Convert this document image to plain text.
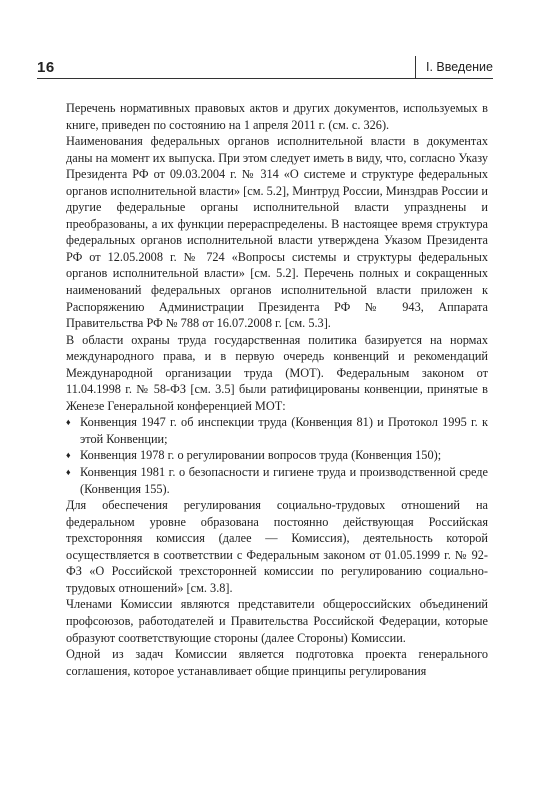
16	I. Введение

Перечень нормативных правовых актов и других документов, используемых в книге, приведен по состоянию на 1 апреля 2011 г. (см. с. 326).

Наименования федеральных органов исполнительной власти в документах даны на момент их выпуска. При этом следует иметь в виду, что, согласно Указу Президента РФ от 09.03.2004 г. № 314 «О системе и структуре федеральных органов исполнительной власти» [см. 5.2], Минтруд России, Минздрав России и другие федеральные органы исполнительной власти упразднены и преобразованы, а их функции перераспределены. В настоящее время структура федеральных органов исполнительной власти утверждена Указом Президента РФ от 12.05.2008 г. № 724 «Вопросы системы и структуры федеральных органов исполнительной власти» [см. 5.2]. Перечень полных и сокращенных наименований федеральных органов исполнительной власти приложен к Распоряжению Администрации Президента РФ № 943, Аппарата Правительства РФ № 788 от 16.07.2008 г. [см. 5.3].

В области охраны труда государственная политика базируется на нормах международного права, и в первую очередь конвенций и рекомендаций Международной организации труда (МОТ). Федеральным законом от 11.04.1998 г. № 58-ФЗ [см. 3.5] были ратифицированы конвенции, принятые в Женезе Генеральной конференцией МОТ:

♦ Конвенция 1947 г. об инспекции труда (Конвенция 81) и Протокол 1995 г. к этой Конвенции;
♦ Конвенция 1978 г. о регулировании вопросов труда (Конвенция 150);
♦ Конвенция 1981 г. о безопасности и гигиене труда и производственной среде (Конвенция 155).

Для обеспечения регулирования социально-трудовых отношений на федеральном уровне образована постоянно действующая Российская трехсторонняя комиссия (далее — Комиссия), деятельность которой осуществляется в соответствии с Федеральным законом от 01.05.1999 г. № 92-ФЗ «О Российской трехсторонней комиссии по регулированию социально-трудовых отношений» [см. 3.8].

Членами Комиссии являются представители общероссийских объединений профсоюзов, работодателей и Правительства Российской Федерации, которые образуют соответствующие стороны (далее Стороны) Комиссии.

Одной из задач Комиссии является подготовка проекта генерального соглашения, которое устанавливает общие принципы регулирования
